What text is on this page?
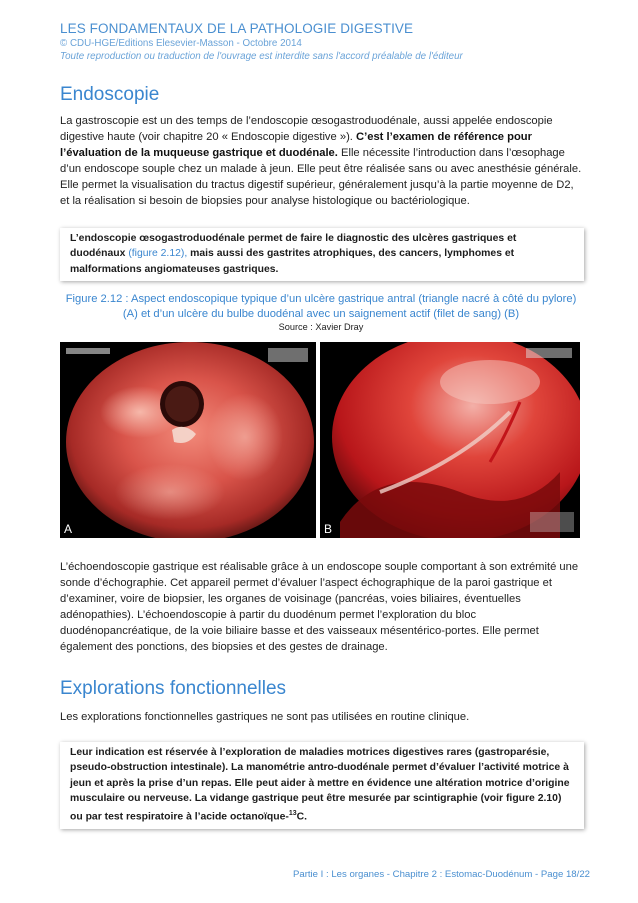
LES FONDAMENTAUX DE LA PATHOLOGIE DIGESTIVE
© CDU-HGE/Editions Elesevier-Masson - Octobre 2014
Toute reproduction ou traduction de l'ouvrage est interdite sans l'accord préalable de l'éditeur
Endoscopie

La gastroscopie est un des temps de l’endoscopie œsogastroduodénale, aussi appelée endoscopie digestive haute (voir chapitre 20 « Endoscopie digestive »). C’est l’examen de référence pour l’évaluation de la muqueuse gastrique et duodénale. Elle nécessite l’introduction dans l’œsophage d’un endoscope souple chez un malade à jeun. Elle peut être réalisée sans ou avec anesthésie générale. Elle permet la visualisation du tractus digestif supérieur, généralement jusqu’à la partie moyenne de D2, et la réalisation si besoin de biopsies pour analyse histologique ou bactériologique.

L’endoscopie œsogastroduodénale permet de faire le diagnostic des ulcères gastriques et duodénaux (figure 2.12), mais aussi des gastrites atrophiques, des cancers, lymphomes et malformations angiomateuses gastriques.
Figure 2.12 : Aspect endoscopique typique d’un ulcère gastrique antral (triangle nacré à côté du pylore) (A) et d’un ulcère du bulbe duodénal avec un saignement actif (filet de sang) (B)
Source : Xavier Dray
A	B

L’échoendoscopie gastrique est réalisable grâce à un endoscope souple comportant à son extrémité une sonde d’échographie. Cet appareil permet d’évaluer l’aspect échographique de la paroi gastrique et d’examiner, voire de biopsier, les organes de voisinage (pancréas, voies biliaires, éventuelles adénopathies). L’échoendoscopie à partir du duodénum permet l’exploration du bloc duodénopancréatique, de la voie biliaire basse et des vaisseaux mésentérico-portes. Elle permet également des ponctions, des biopsies et des gestes de drainage.

Explorations fonctionnelles

Les explorations fonctionnelles gastriques ne sont pas utilisées en routine clinique.

Leur indication est réservée à l’exploration de maladies motrices digestives rares (gastroparésie, pseudo-obstruction intestinale). La manométrie antro-duodénale permet d’évaluer l’activité motrice à jeun et après la prise d’un repas. Elle peut aider à mettre en évidence une altération motrice d’origine musculaire ou nerveuse. La vidange gastrique peut être mesurée par scintigraphie (voir figure 2.10) ou par test respiratoire à l’acide octanoïque-$^{13}$C.
Partie I : Les organes - Chapitre 2 : Estomac-Duodénum - Page 18/22
